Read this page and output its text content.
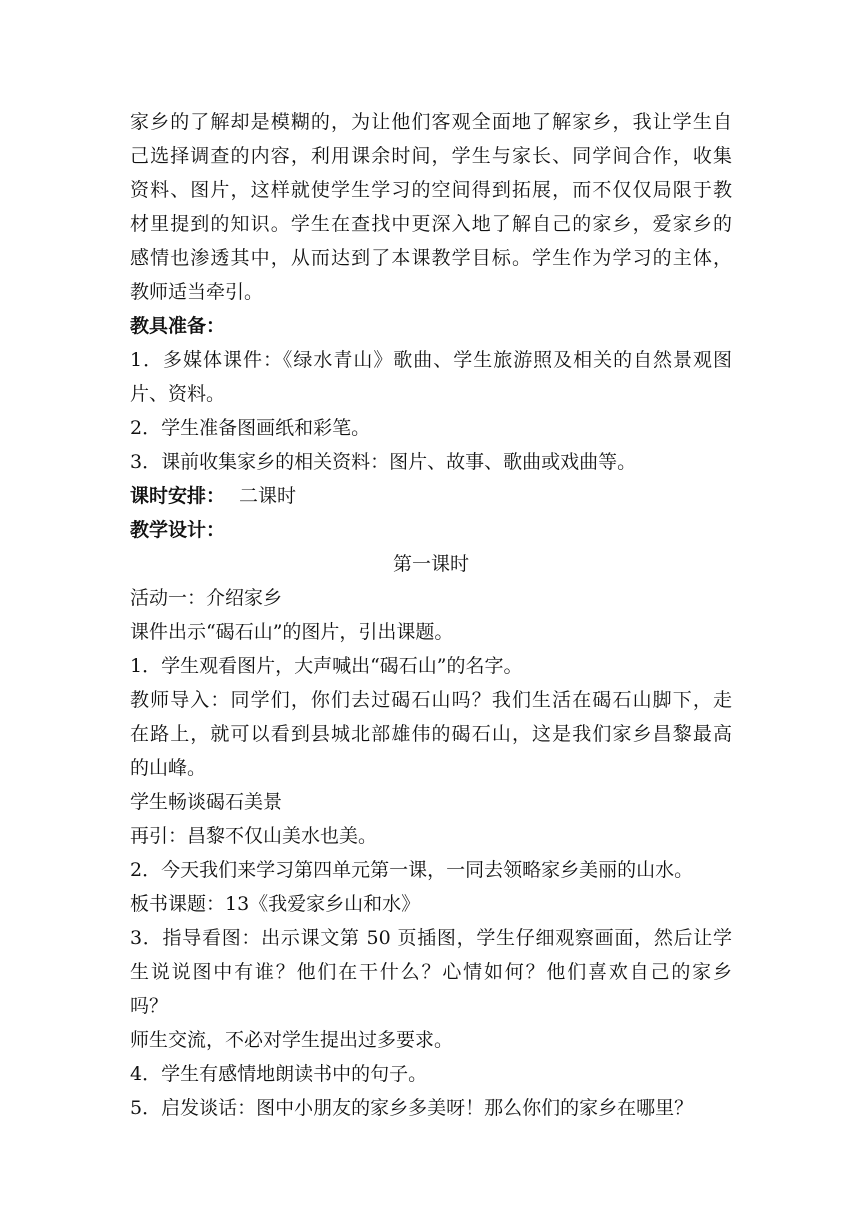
家乡的了解却是模糊的，为让他们客观全面地了解家乡，我让学生自
己选择调查的内容，利用课余时间，学生与家长、同学间合作，收集
资料、图片，这样就使学生学习的空间得到拓展，而不仅仅局限于教
材里提到的知识。学生在查找中更深入地了解自己的家乡，爱家乡的
感情也渗透其中，从而达到了本课教学目标。学生作为学习的主体，
教师适当牵引。
教具准备：
1．多媒体课件：《绿水青山》歌曲、学生旅游照及相关的自然景观图
片、资料。
2．学生准备图画纸和彩笔。
3．课前收集家乡的相关资料：图片、故事、歌曲或戏曲等。
课时安排： 二课时
教学设计：
第一课时
活动一：介绍家乡
课件出示“碣石山”的图片，引出课题。
1．学生观看图片，大声喊出“碣石山”的名字。
教师导入：同学们，你们去过碣石山吗？我们生活在碣石山脚下，走
在路上，就可以看到县城北部雄伟的碣石山，这是我们家乡昌黎最高
的山峰。
学生畅谈碣石美景
再引：昌黎不仅山美水也美。
2．今天我们来学习第四单元第一课，一同去领略家乡美丽的山水。
板书课题：13《我爱家乡山和水》
3．指导看图：出示课文第 50 页插图，学生仔细观察画面，然后让学
生说说图中有谁？他们在干什么？心情如何？他们喜欢自己的家乡
吗？
师生交流，不必对学生提出过多要求。
4．学生有感情地朗读书中的句子。
5．启发谈话：图中小朋友的家乡多美呀！那么你们的家乡在哪里？
